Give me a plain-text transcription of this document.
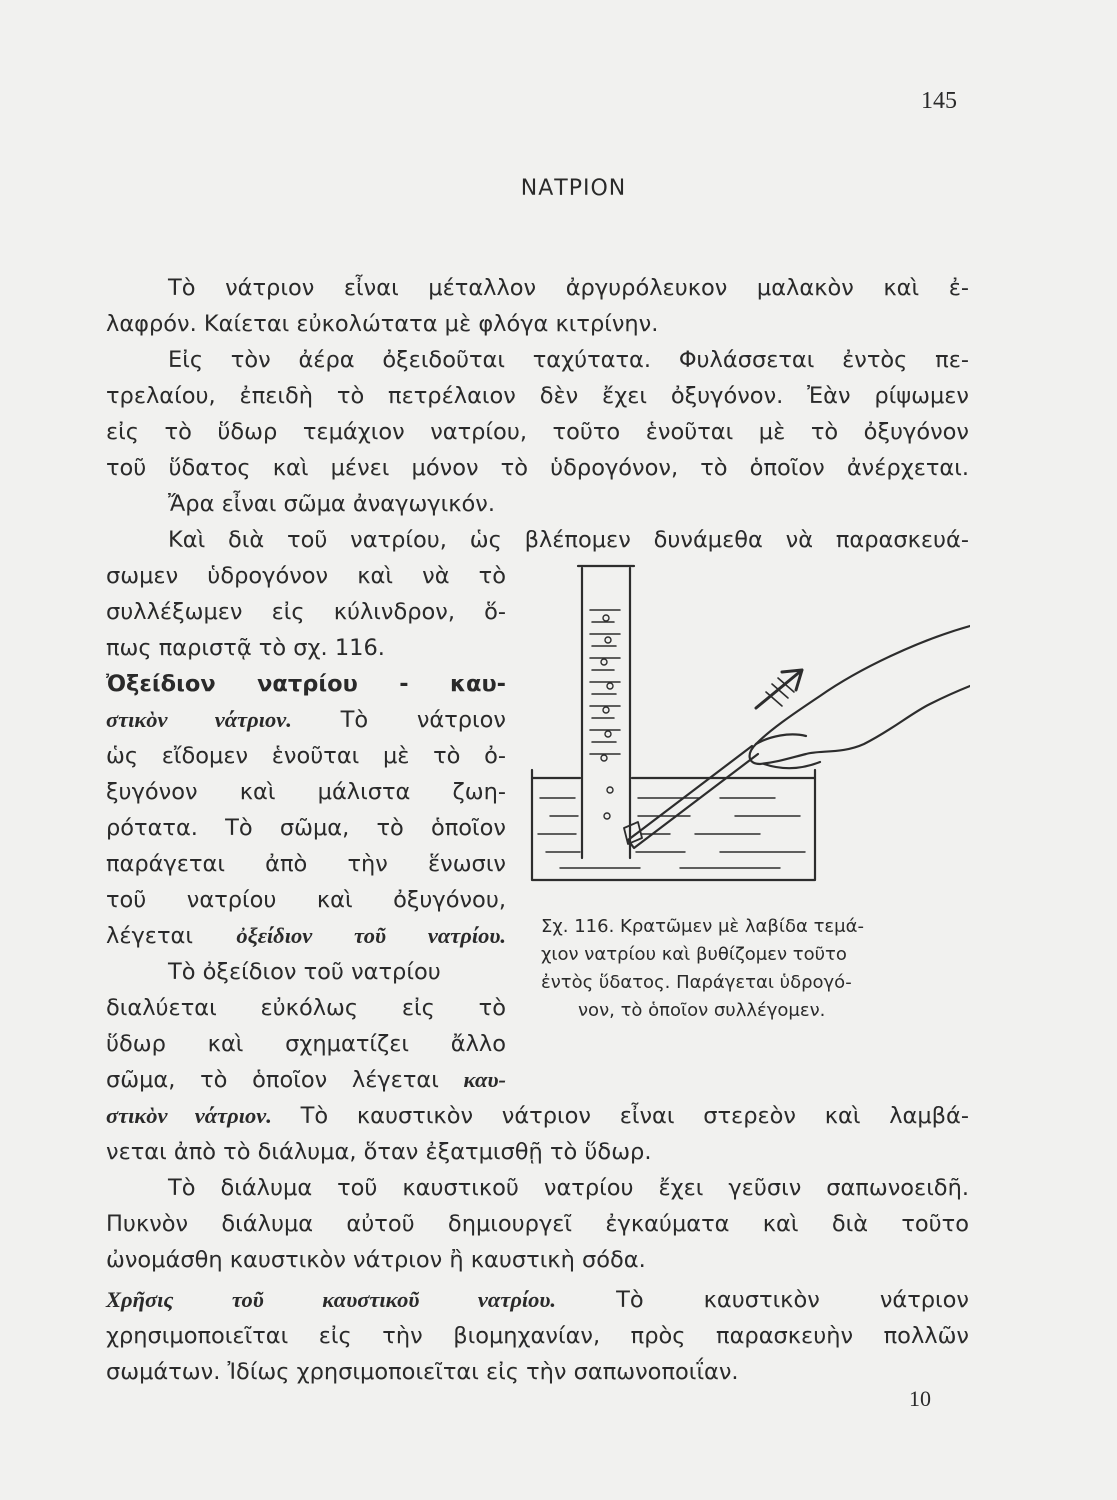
145
ΝΑΤΡΙΟΝ
Τὸ νάτριον εἶναι μέταλλον ἀργυρόλευκον μαλακὸν καὶ ἐ-
λαφρόν. Καίεται εὐκολώτατα μὲ φλόγα κιτρίνην.
Εἰς τὸν ἀέρα ὀξειδοῦται ταχύτατα. Φυλάσσεται ἐντὸς πε-
τρελαίου, ἐπειδὴ τὸ πετρέλαιον δὲν ἔχει ὀξυγόνον. Ἐὰν ρίψωμεν
εἰς τὸ ὕδωρ τεμάχιον νατρίου, τοῦτο ἑνοῦται μὲ τὸ ὀξυγόνον
τοῦ ὕδατος καὶ μένει μόνον τὸ ὑδρογόνον, τὸ ὁποῖον ἀνέρχεται.
Ἄρα εἶναι σῶμα ἀναγωγικόν.
Καὶ διὰ τοῦ νατρίου, ὡς βλέπομεν δυνάμεθα νὰ παρασκευά-
σωμεν ὑδρογόνον καὶ νὰ τὸ
συλλέξωμεν εἰς κύλινδρον, ὅ-
πως παριστᾷ τὸ σχ. 116.
Ὀξείδιον νατρίου - καυ-
στικὸν νάτριον. Τὸ νάτριον
ὡς εἴδομεν ἑνοῦται μὲ τὸ ὀ-
ξυγόνον καὶ μάλιστα ζωη-
ρότατα. Τὸ σῶμα, τὸ ὁποῖον
παράγεται ἀπὸ τὴν ἕνωσιν
τοῦ νατρίου καὶ ὀξυγόνου,
λέγεται ὀξείδιον τοῦ νατρίου.
Τὸ ὀξείδιον τοῦ νατρίου
διαλύεται εὐκόλως εἰς τὸ
ὕδωρ καὶ σχηματίζει ἄλλο
σῶμα, τὸ ὁποῖον λέγεται καυ-
στικὸν νάτριον. Τὸ καυστικὸν νάτριον εἶναι στερεὸν καὶ λαμβά-
νεται ἀπὸ τὸ διάλυμα, ὅταν ἐξατμισθῇ τὸ ὕδωρ.
Τὸ διάλυμα τοῦ καυστικοῦ νατρίου ἔχει γεῦσιν σαπωνοειδῆ.
Πυκνὸν διάλυμα αὐτοῦ δημιουργεῖ ἐγκαύματα καὶ διὰ τοῦτο
ὠνομάσθη καυστικὸν νάτριον ἢ καυστικὴ σόδα.
Χρῆσις τοῦ καυστικοῦ νατρίου.	Τὸ καυστικὸν νάτριον
χρησιμοποιεῖται εἰς τὴν βιομηχανίαν, πρὸς παρασκευὴν πολλῶν
σωμάτων. Ἰδίως χρησιμοποιεῖται εἰς τὴν σαπωνοποιΐαν.
10
Σχ. 116. Κρατῶμεν μὲ λαβίδα τεμά-
χιον νατρίου καὶ βυθίζομεν τοῦτο
ἐντὸς ὕδατος. Παράγεται ὑδρογό-
νον, τὸ ὁποῖον συλλέγομεν.
